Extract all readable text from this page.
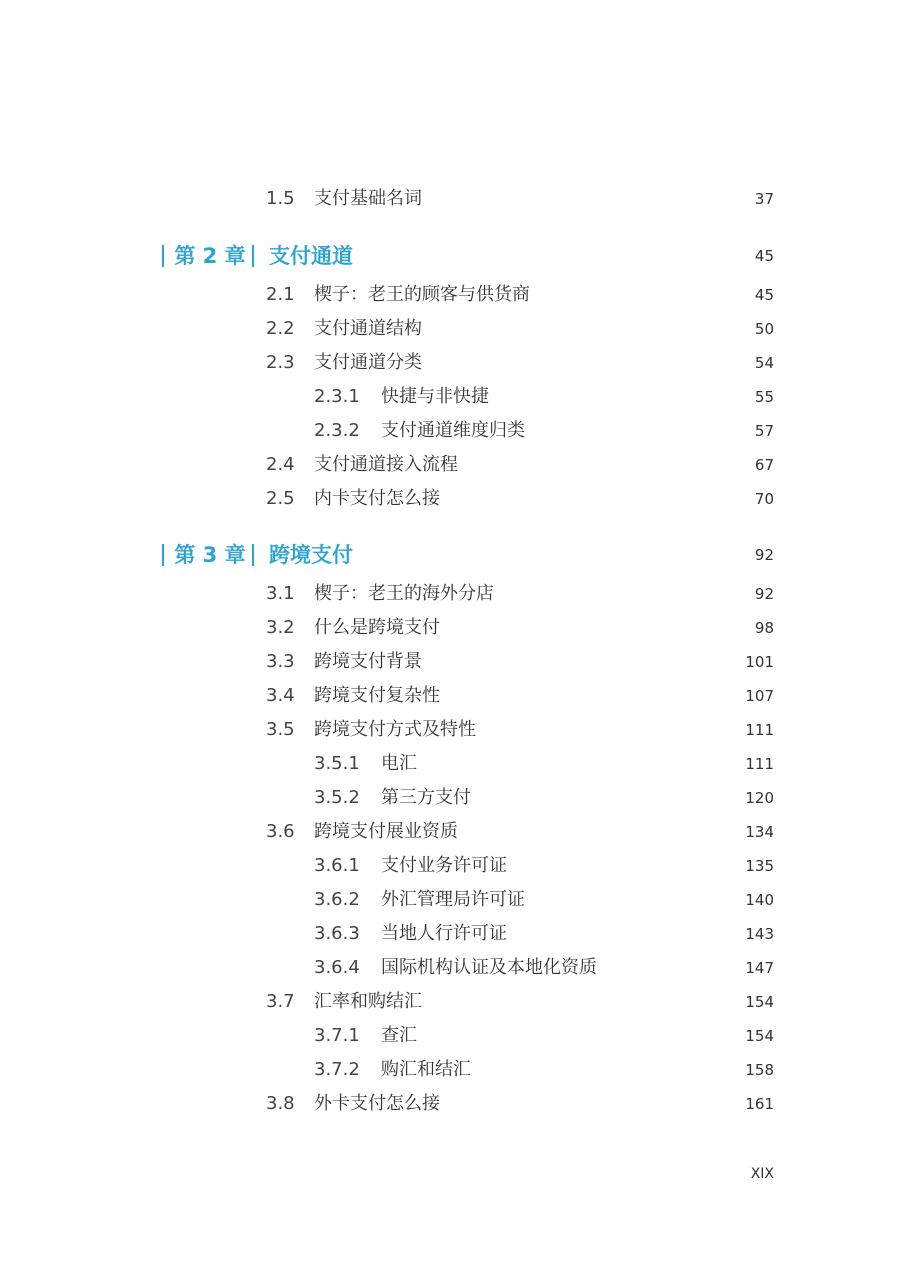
1.5 支付基础名词	37
第 2 章 支付通道	45
2.1 楔子：老王的顾客与供货商	45
2.2 支付通道结构	50
2.3 支付通道分类	54
2.3.1 快捷与非快捷	55
2.3.2 支付通道维度归类	57
2.4 支付通道接入流程	67
2.5 内卡支付怎么接	70
第 3 章 跨境支付	92
3.1 楔子：老王的海外分店	92
3.2 什么是跨境支付	98
3.3 跨境支付背景	101
3.4 跨境支付复杂性	107
3.5 跨境支付方式及特性	111
3.5.1 电汇	111
3.5.2 第三方支付	120
3.6 跨境支付展业资质	134
3.6.1 支付业务许可证	135
3.6.2 外汇管理局许可证	140
3.6.3 当地人行许可证	143
3.6.4 国际机构认证及本地化资质	147
3.7 汇率和购结汇	154
3.7.1 查汇	154
3.7.2 购汇和结汇	158
3.8 外卡支付怎么接	161
XIX
